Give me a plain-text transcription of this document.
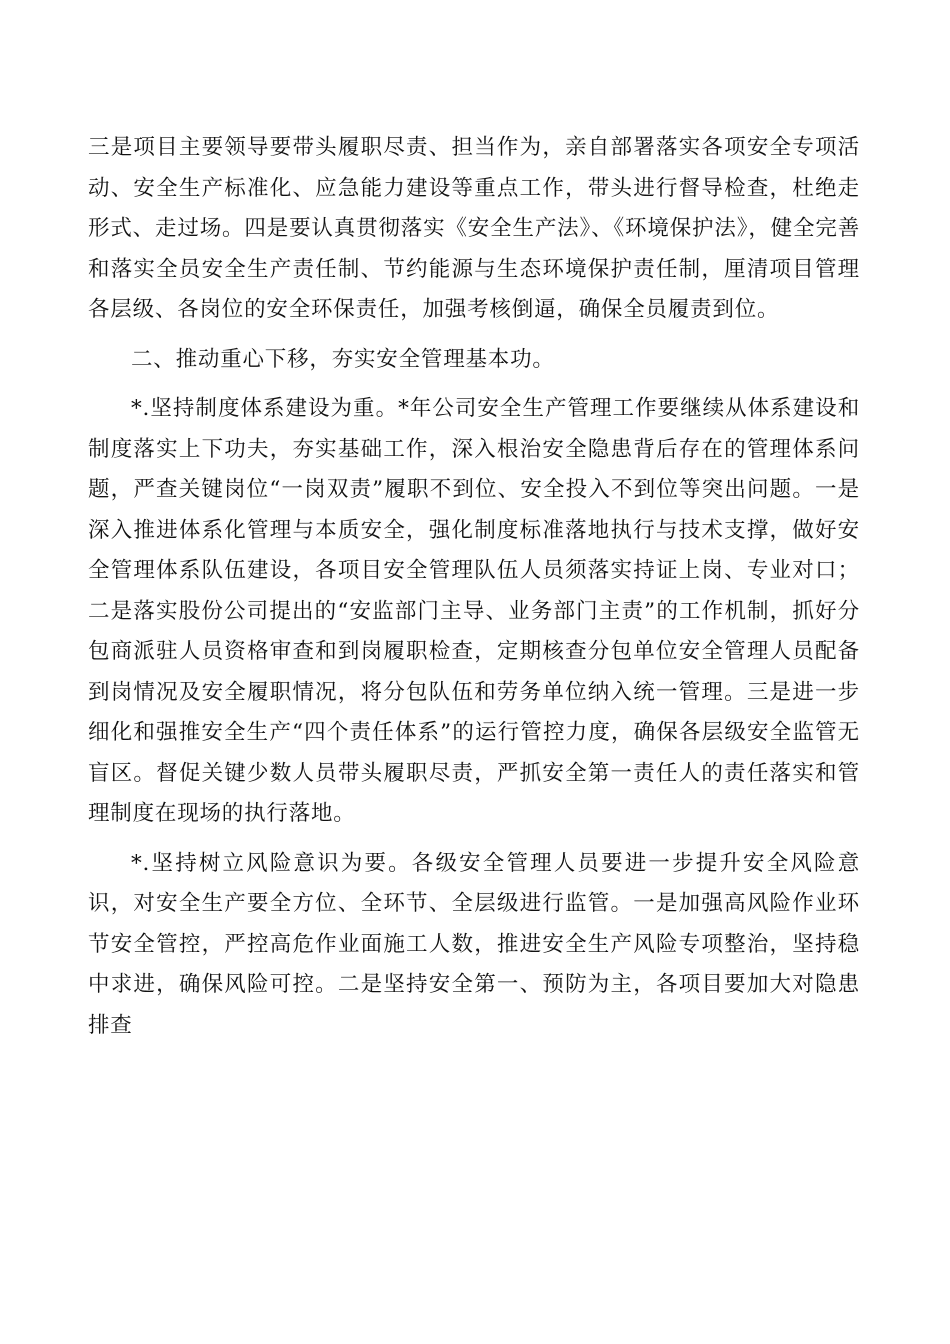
三是项目主要领导要带头履职尽责、担当作为，亲自部署落实各项安全专项活动、安全生产标准化、应急能力建设等重点工作，带头进行督导检查，杜绝走形式、走过场。四是要认真贯彻落实《安全生产法》、《环境保护法》，健全完善和落实全员安全生产责任制、节约能源与生态环境保护责任制，厘清项目管理各层级、各岗位的安全环保责任，加强考核倒逼，确保全员履责到位。

二、推动重心下移，夯实安全管理基本功。

*.坚持制度体系建设为重。*年公司安全生产管理工作要继续从体系建设和制度落实上下功夫，夯实基础工作，深入根治安全隐患背后存在的管理体系问题，严查关键岗位“一岗双责”履职不到位、安全投入不到位等突出问题。一是深入推进体系化管理与本质安全，强化制度标准落地执行与技术支撑，做好安全管理体系队伍建设，各项目安全管理队伍人员须落实持证上岗、专业对口；二是落实股份公司提出的“安监部门主导、业务部门主责”的工作机制，抓好分包商派驻人员资格审查和到岗履职检查，定期核查分包单位安全管理人员配备到岗情况及安全履职情况，将分包队伍和劳务单位纳入统一管理。三是进一步细化和强推安全生产“四个责任体系”的运行管控力度，确保各层级安全监管无盲区。督促关键少数人员带头履职尽责，严抓安全第一责任人的责任落实和管理制度在现场的执行落地。

*.坚持树立风险意识为要。各级安全管理人员要进一步提升安全风险意识，对安全生产要全方位、全环节、全层级进行监管。一是加强高风险作业环节安全管控，严控高危作业面施工人数，推进安全生产风险专项整治，坚持稳中求进，确保风险可控。二是坚持安全第一、预防为主，各项目要加大对隐患排查
